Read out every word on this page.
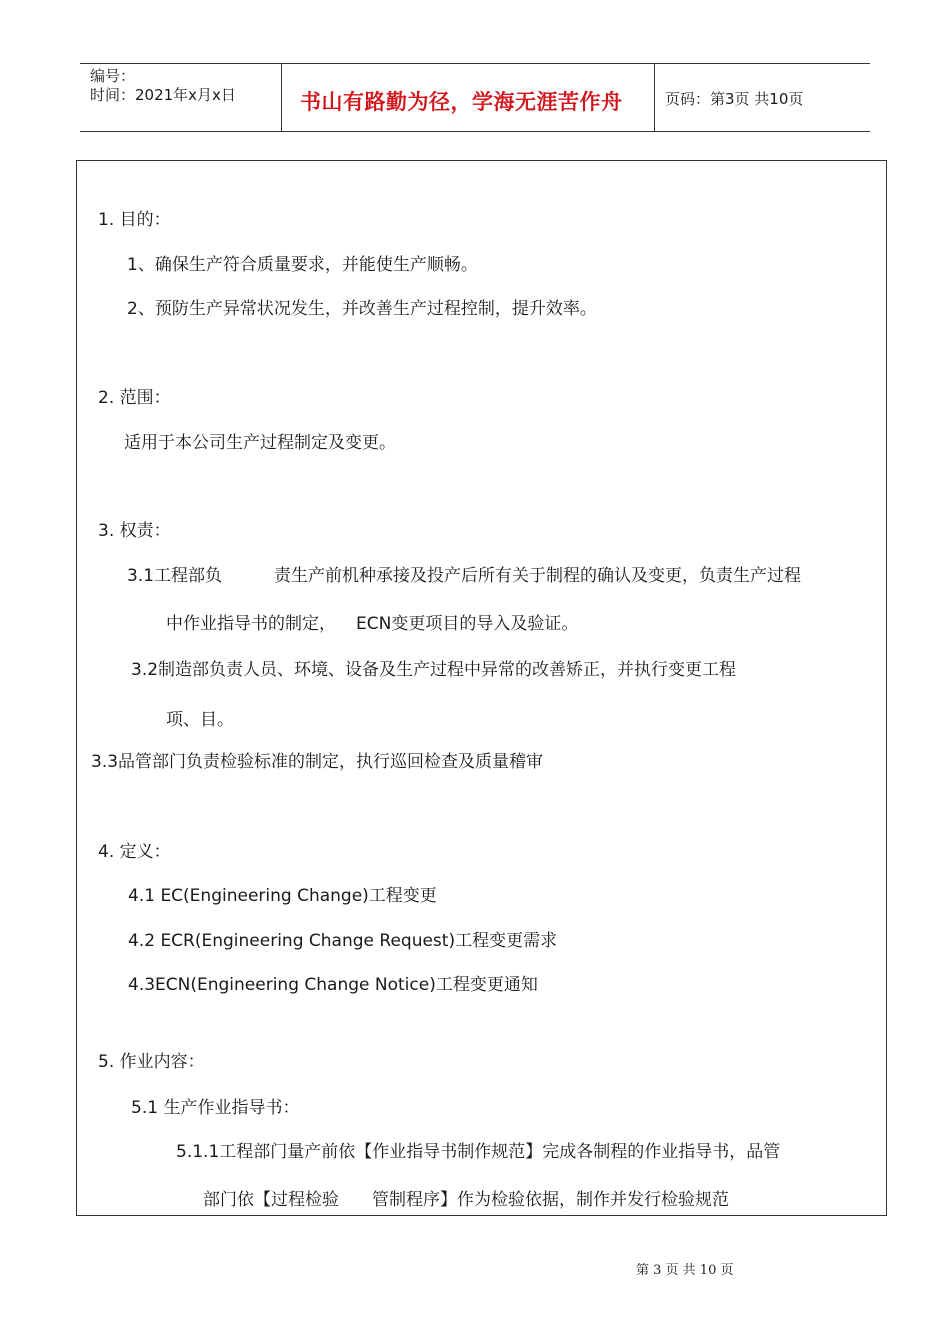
编号：
时间：2021年x月x日	书山有路勤为径，学海无涯苦作舟	页码：第3页 共10页
1. 目的：
1、确保生产符合质量要求，并能使生产顺畅。
2、预防生产异常状况发生，并改善生产过程控制，提升效率。
2. 范围：
适用于本公司生产过程制定及变更。
3. 权责：
3.1工程部负	责生产前机种承接及投产后所有关于制程的确认及变更，负责生产过程
中作业指导书的制定， ECN变更项目的导入及验证。
3.2制造部负责人员、环境、设备及生产过程中异常的改善矫正，并执行变更工程
项、目。
3.3品管部门负责检验标准的制定，执行巡回检查及质量稽审
4. 定义：
4.1 EC(Engineering Change)工程变更
4.2 ECR(Engineering Change Request)工程变更需求
4.3ECN(Engineering Change Notice)工程变更通知
5. 作业内容：
5.1 生产作业指导书：
5.1.1工程部门量产前依【作业指导书制作规范】完成各制程的作业指导书，品管
部门依【过程检验 管制程序】作为检验依据，制作并发行检验规范
第 3 页 共 10 页
